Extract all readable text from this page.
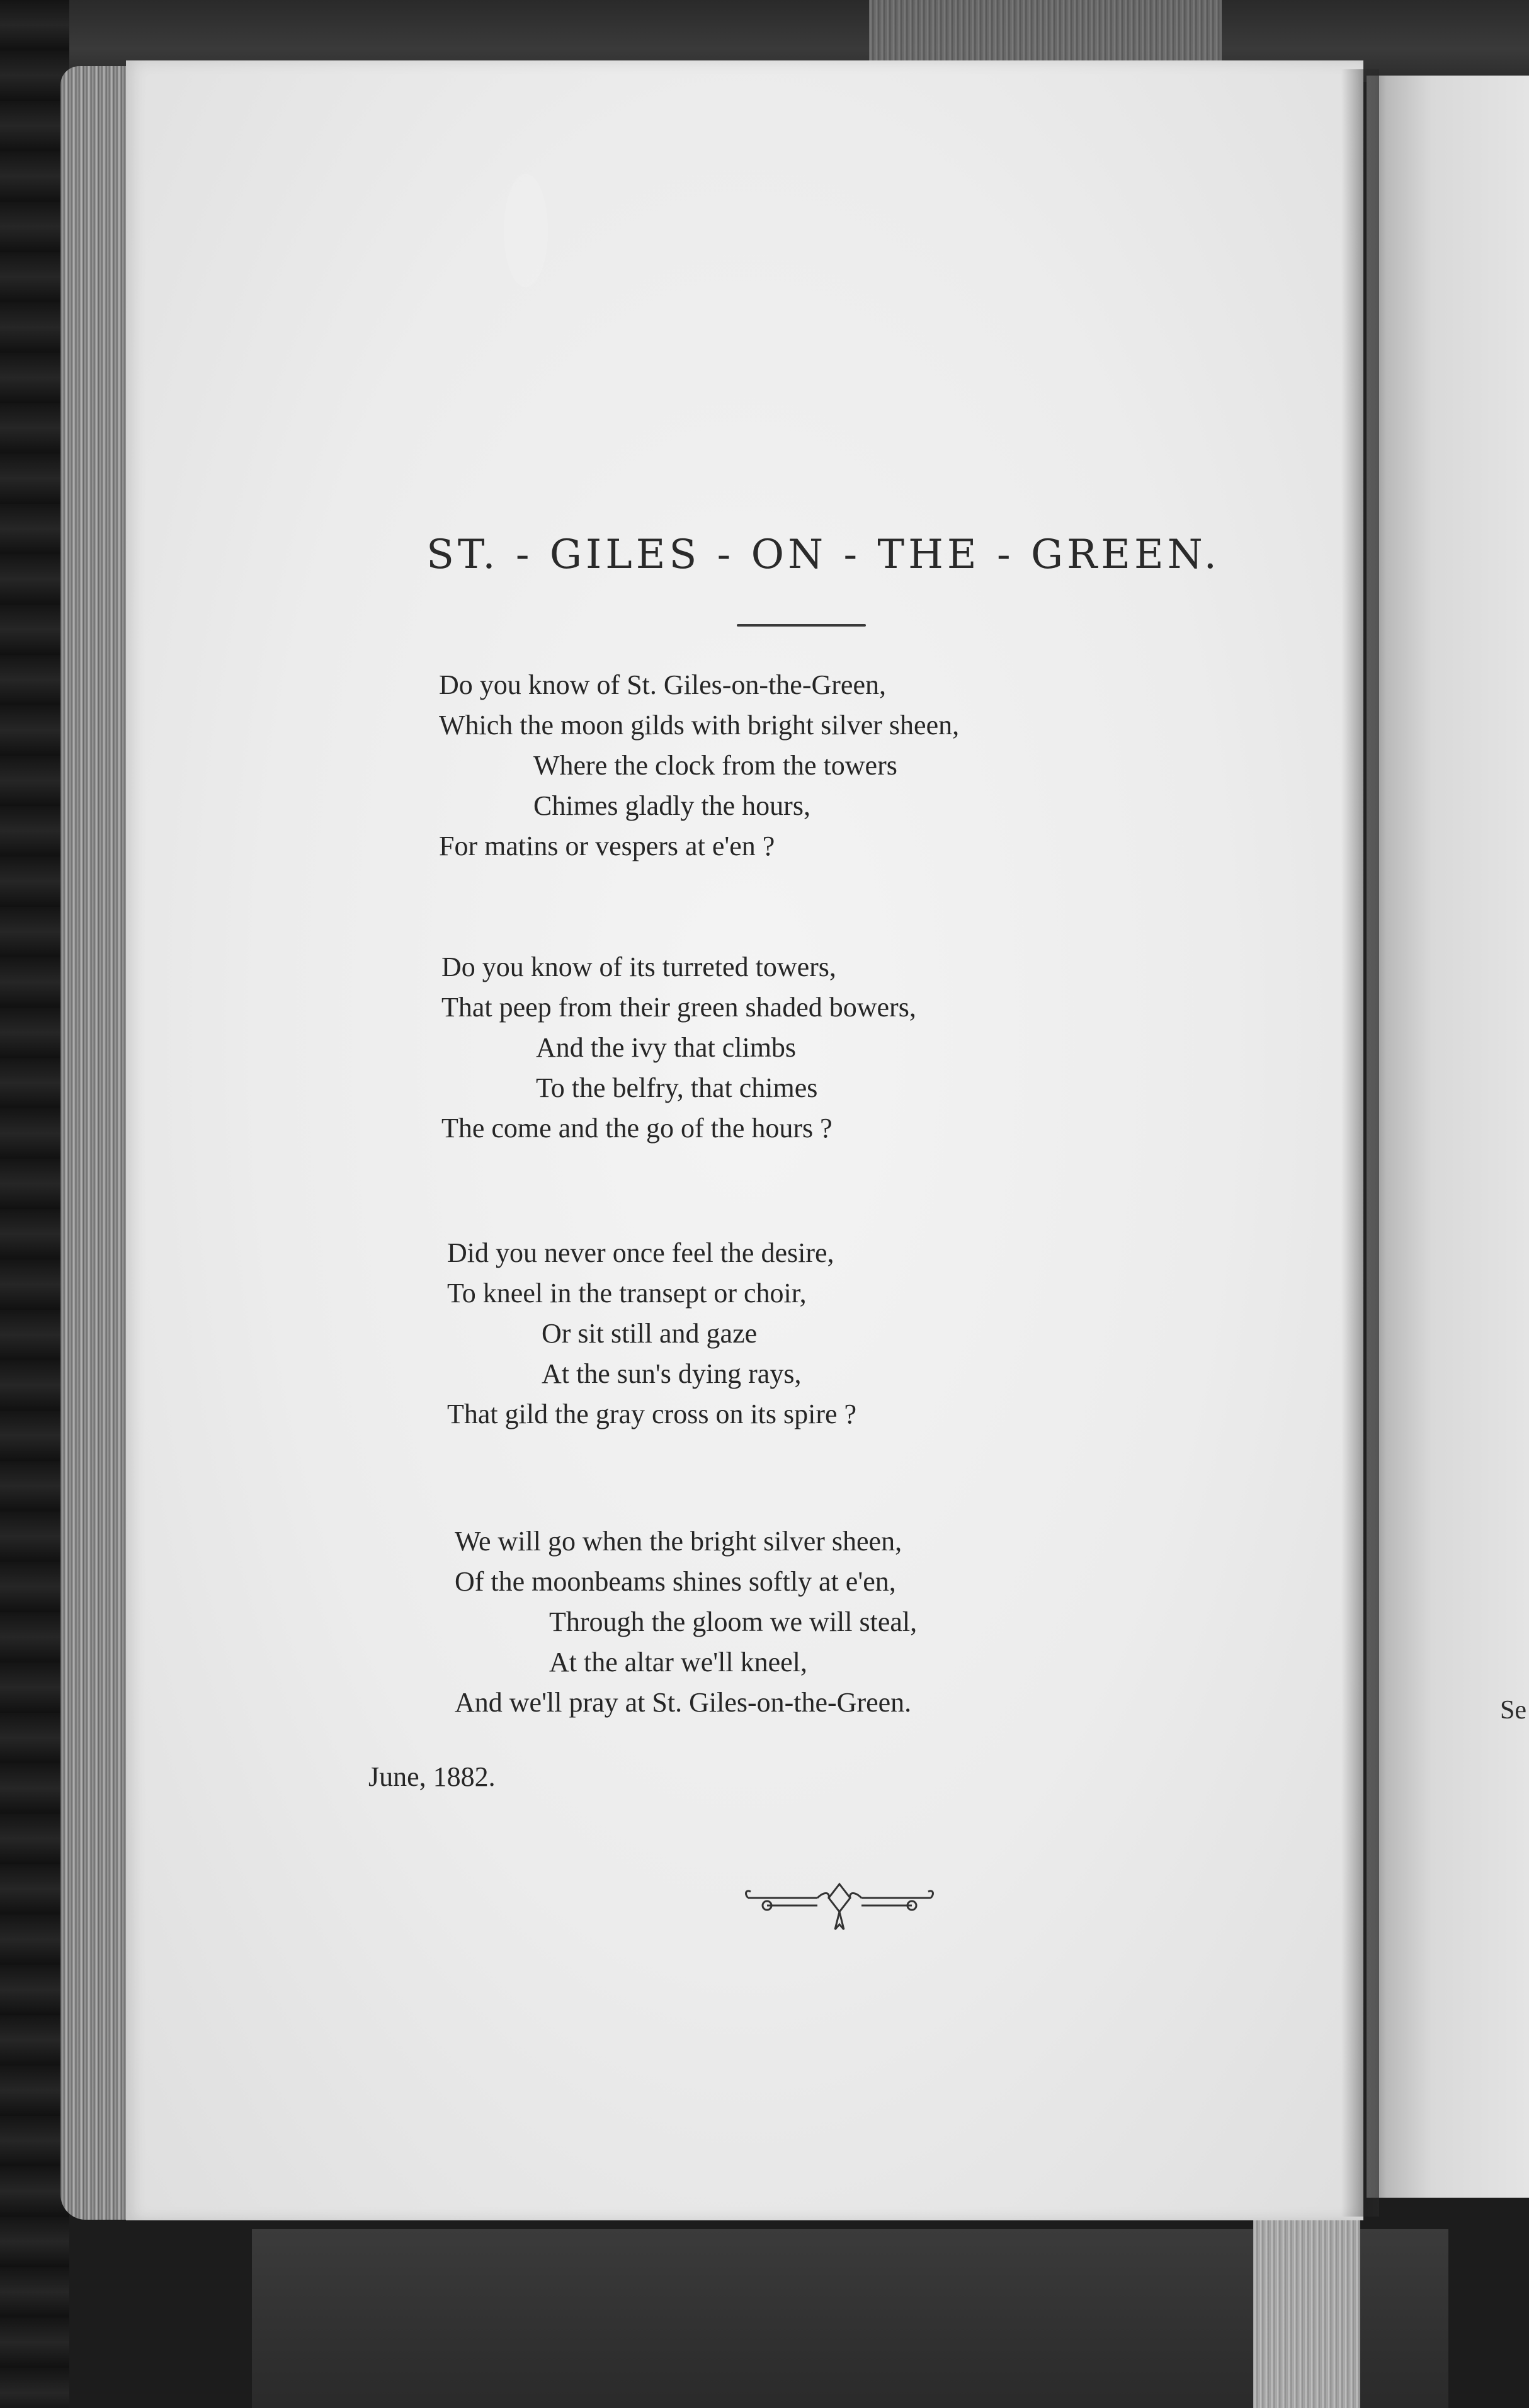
Se
ST. - GILES - ON - THE - GREEN.
Do you know of St. Giles-on-the-Green,
Which the moon gilds with bright silver sheen,
Where the clock from the towers
Chimes gladly the hours,
For matins or vespers at e'en ?
Do you know of its turreted towers,
That peep from their green shaded bowers,
And the ivy that climbs
To the belfry, that chimes
The come and the go of the hours ?
Did you never once feel the desire,
To kneel in the transept or choir,
Or sit still and gaze
At the sun's dying rays,
That gild the gray cross on its spire ?
We will go when the bright silver sheen,
Of the moonbeams shines softly at e'en,
Through the gloom we will steal,
At the altar we'll kneel,
And we'll pray at St. Giles-on-the-Green.
June, 1882.
